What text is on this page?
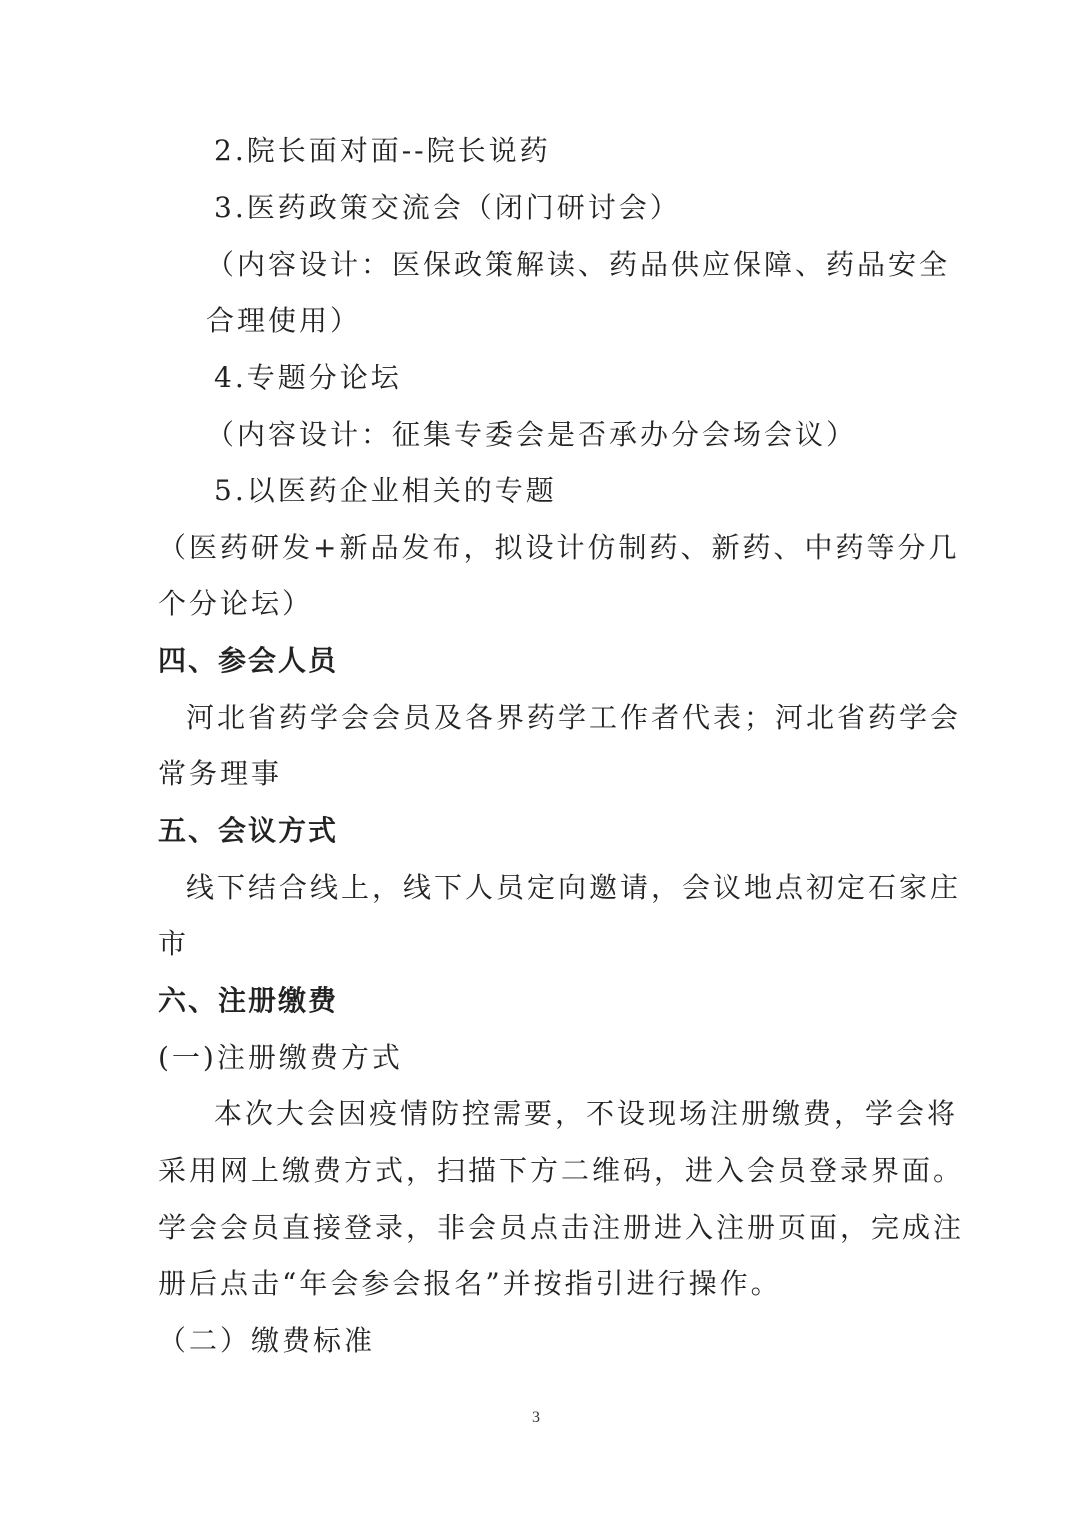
2.院长面对面--院长说药
3.医药政策交流会（闭门研讨会）
（内容设计：医保政策解读、药品供应保障、药品安全
合理使用）
4.专题分论坛
（内容设计：征集专委会是否承办分会场会议）
5.以医药企业相关的专题
（医药研发+新品发布，拟设计仿制药、新药、中药等分几
个分论坛）
四、参会人员
河北省药学会会员及各界药学工作者代表；河北省药学会
常务理事
五、会议方式
线下结合线上，线下人员定向邀请，会议地点初定石家庄
市
六、注册缴费
(一)注册缴费方式
本次大会因疫情防控需要，不设现场注册缴费，学会将
采用网上缴费方式，扫描下方二维码，进入会员登录界面。
学会会员直接登录，非会员点击注册进入注册页面，完成注
册后点击“年会参会报名”并按指引进行操作。
（二）缴费标准
3
